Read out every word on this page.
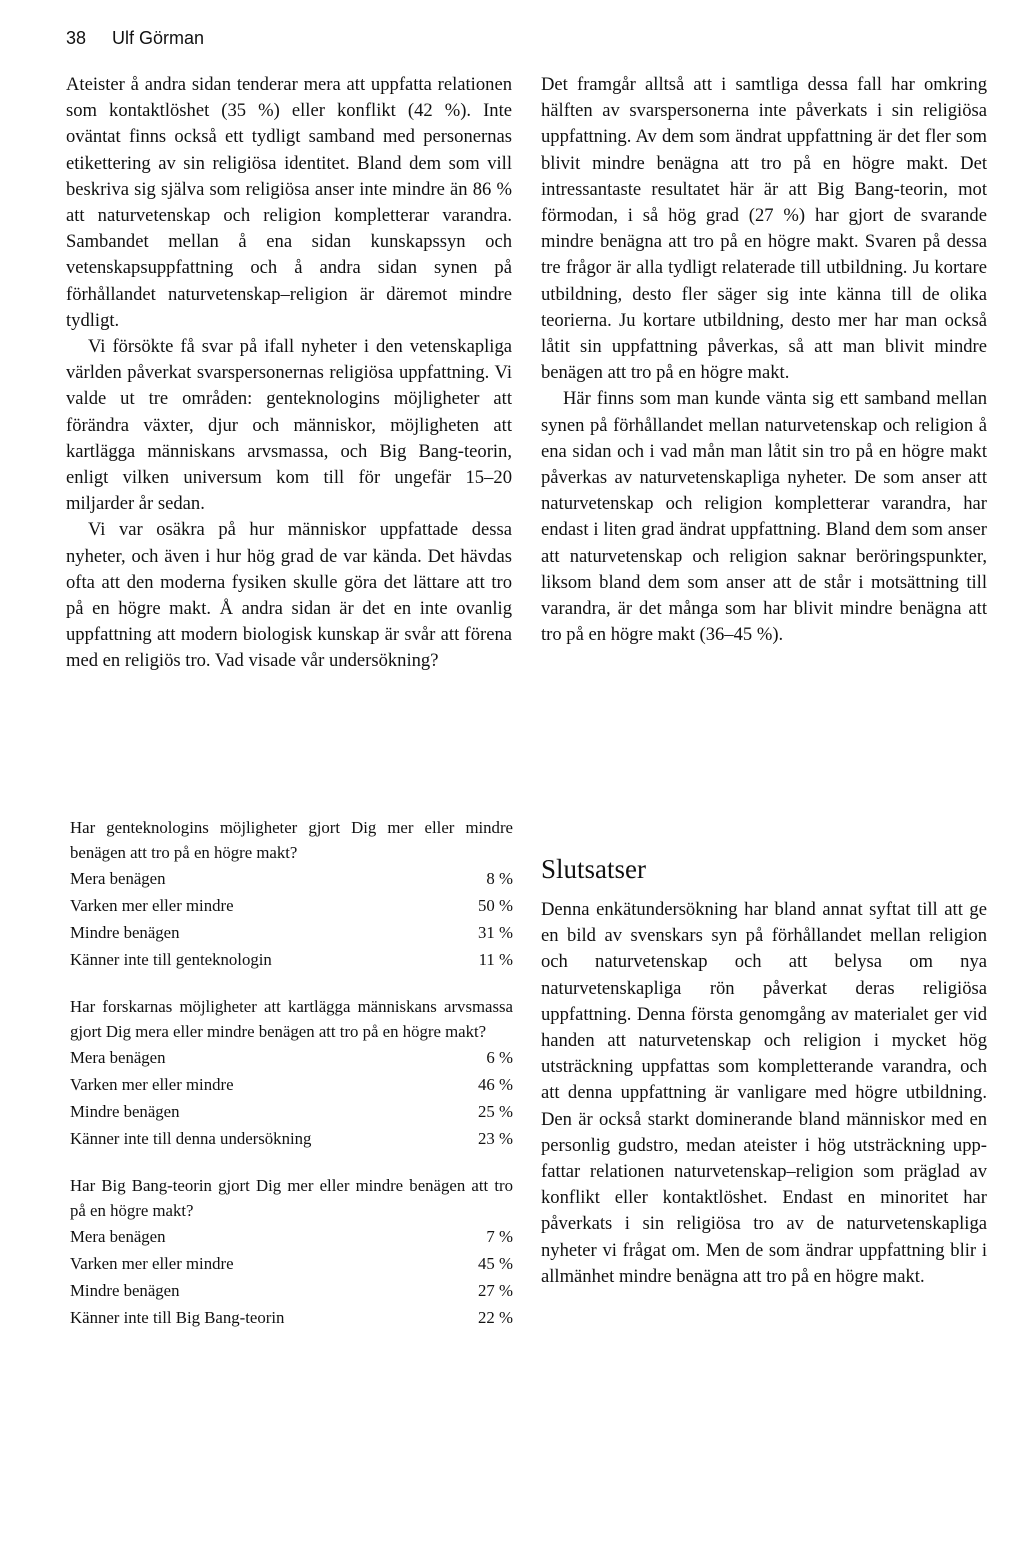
38 Ulf Görman

Ateister å andra sidan tenderar mera att uppfatta relationen som kontaktlöshet (35 %) eller konflikt (42 %). Inte oväntat finns också ett tydligt samband med personernas etikettering av sin religiösa identitet. Bland dem som vill beskriva sig själva som religiösa anser inte mindre än 86 % att naturvetenskap och religion kompletterar varandra. Sambandet mellan å ena sidan kunskapssyn och vetenskapsuppfattning och å andra sidan synen på förhållandet naturvetenskap–religion är däremot mindre tydligt.

Vi försökte få svar på ifall nyheter i den vetenskapliga världen påverkat svarspersonernas religiösa uppfattning. Vi valde ut tre områden: genteknologins möjligheter att förändra växter, djur och människor, möjligheten att kartlägga människans arvsmassa, och Big Bang-teorin, enligt vilken universum kom till för ungefär 15–20 miljarder år sedan.

Vi var osäkra på hur människor uppfattade dessa nyheter, och även i hur hög grad de var kända. Det hävdas ofta att den moderna fysiken skulle göra det lättare att tro på en högre makt. Å andra sidan är det en inte ovanlig uppfattning att modern biologisk kunskap är svår att förena med en religiös tro. Vad visade vår undersökning?

Har genteknologins möjligheter gjort Dig mer eller mindre benägen att tro på en högre makt?

Mera benägen	8 %
Varken mer eller mindre	50 %
Mindre benägen	31 %
Känner inte till genteknologin	11 %

Har forskarnas möjligheter att kartlägga människans arvsmassa gjort Dig mera eller mindre benägen att tro på en högre makt?

Mera benägen	6 %
Varken mer eller mindre	46 %
Mindre benägen	25 %
Känner inte till denna undersökning	23 %

Har Big Bang-teorin gjort Dig mer eller mindre benägen att tro på en högre makt?

Mera benägen	7 %
Varken mer eller mindre	45 %
Mindre benägen	27 %
Känner inte till Big Bang-teorin	22 %

Det framgår alltså att i samtliga dessa fall har omkring hälften av svarspersonerna inte påverkats i sin religiösa uppfattning. Av dem som ändrat uppfattning är det fler som blivit mindre benägna att tro på en högre makt. Det intressantaste resultatet här är att Big Bang-teorin, mot förmodan, i så hög grad (27 %) har gjort de svarande mindre benägna att tro på en högre makt. Svaren på dessa tre frågor är alla tydligt relaterade till utbildning. Ju kortare utbildning, desto fler säger sig inte känna till de olika teorierna. Ju kortare utbildning, desto mer har man också låtit sin uppfattning påverkas, så att man blivit mindre benägen att tro på en högre makt.

Här finns som man kunde vänta sig ett samband mellan synen på förhållandet mellan naturvetenskap och religion å ena sidan och i vad mån man låtit sin tro på en högre makt påverkas av naturvetenskapliga nyheter. De som anser att naturvetenskap och religion kompletterar varandra, har endast i liten grad ändrat uppfattning. Bland dem som anser att naturvetenskap och religion saknar beröringspunkter, liksom bland dem som anser att de står i motsättning till varandra, är det många som har blivit mindre benägna att tro på en högre makt (36–45 %).

Slutsatser

Denna enkätundersökning har bland annat syftat till att ge en bild av svenskars syn på förhållandet mellan religion och naturvetenskap och att belysa om nya naturvetenskapliga rön påverkat deras religiösa uppfattning. Denna första genomgång av materialet ger vid handen att naturvetenskap och religion i mycket hög utsträckning uppfattas som kompletterande varandra, och att denna uppfattning är vanligare med högre utbildning. Den är också starkt dominerande bland människor med en personlig gudstro, medan ateister i hög utsträckning uppfattar relationen naturvetenskap–religion som präglad av konflikt eller kontaktlöshet. Endast en minoritet har påverkats i sin religiösa tro av de naturvetenskapliga nyheter vi frågat om. Men de som ändrar uppfattning blir i allmänhet mindre benägna att tro på en högre makt.
